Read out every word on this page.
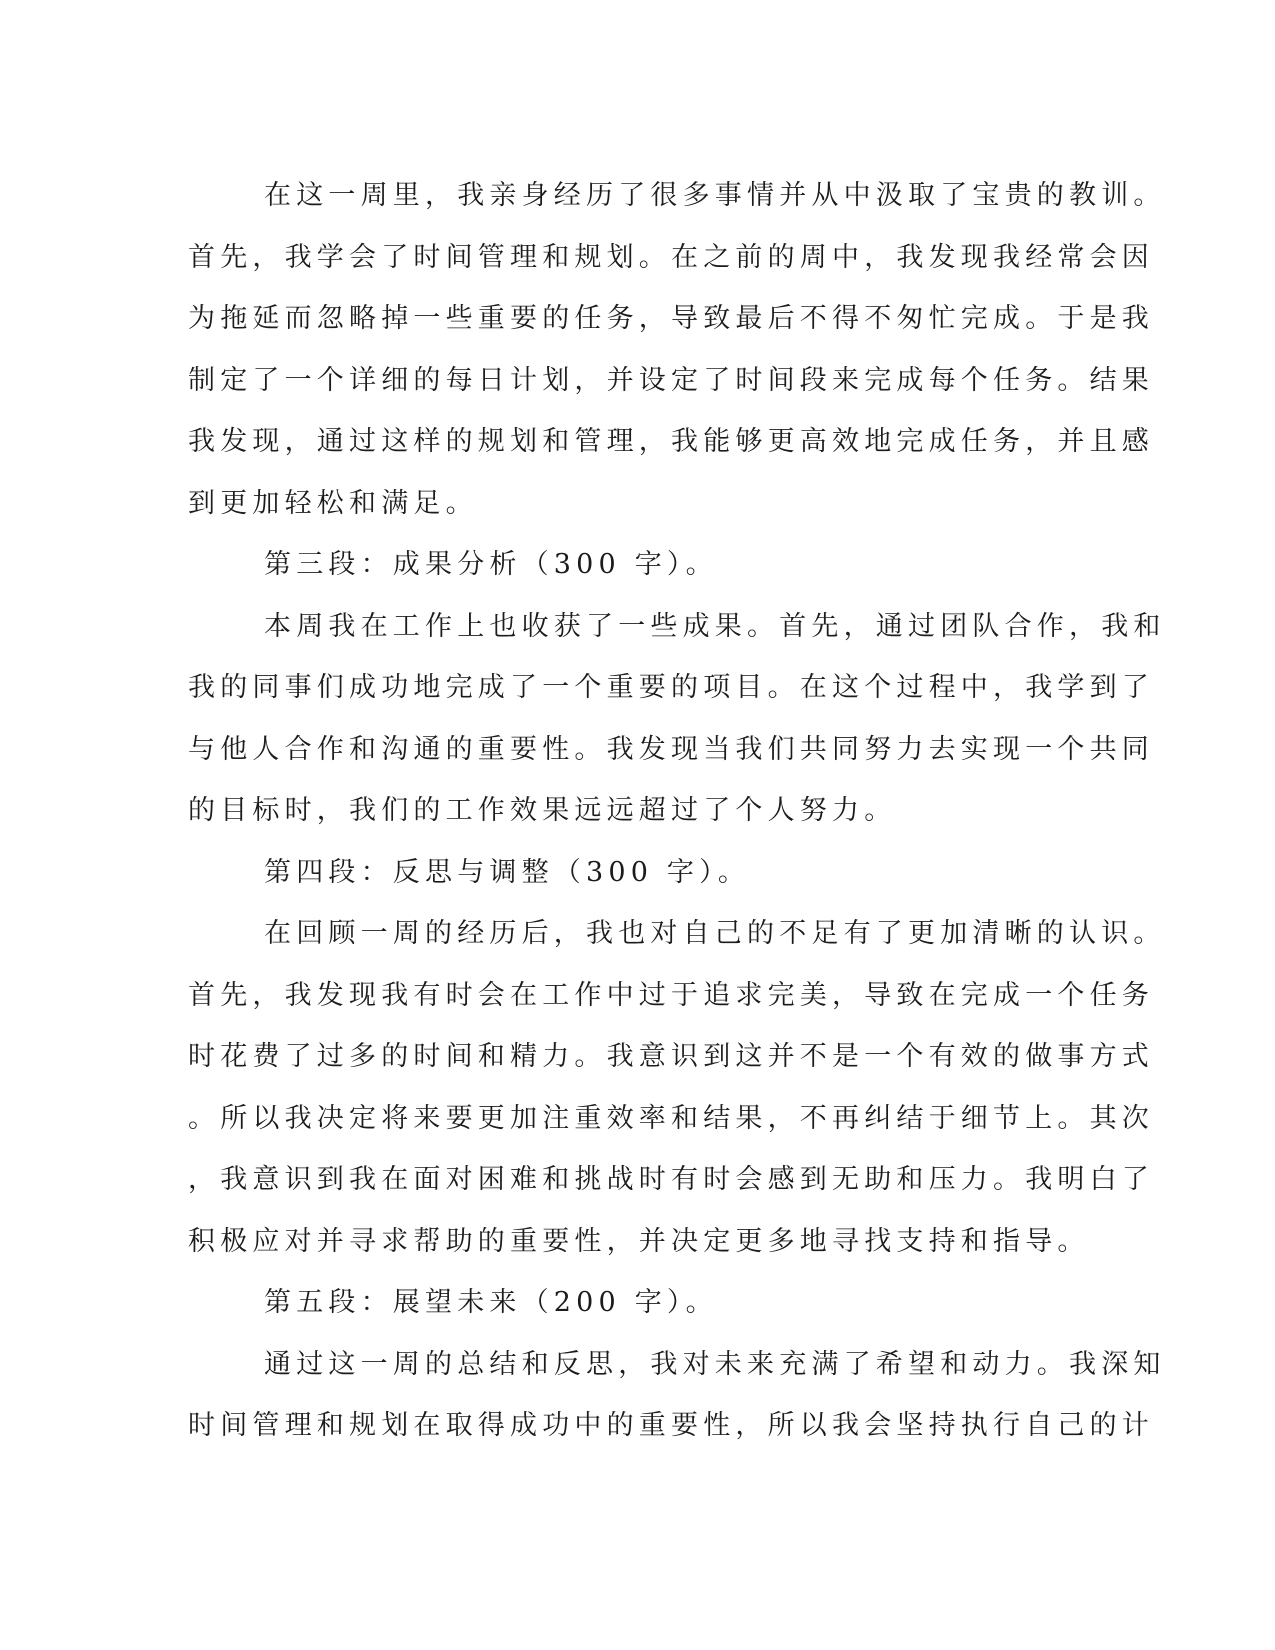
在这一周里，我亲身经历了很多事情并从中汲取了宝贵的教训。
首先，我学会了时间管理和规划。在之前的周中，我发现我经常会因
为拖延而忽略掉一些重要的任务，导致最后不得不匆忙完成。于是我
制定了一个详细的每日计划，并设定了时间段来完成每个任务。结果
我发现，通过这样的规划和管理，我能够更高效地完成任务，并且感
到更加轻松和满足。
第三段：成果分析（300 字）。
本周我在工作上也收获了一些成果。首先，通过团队合作，我和
我的同事们成功地完成了一个重要的项目。在这个过程中，我学到了
与他人合作和沟通的重要性。我发现当我们共同努力去实现一个共同
的目标时，我们的工作效果远远超过了个人努力。
第四段：反思与调整（300 字）。
在回顾一周的经历后，我也对自己的不足有了更加清晰的认识。
首先，我发现我有时会在工作中过于追求完美，导致在完成一个任务
时花费了过多的时间和精力。我意识到这并不是一个有效的做事方式
。所以我决定将来要更加注重效率和结果，不再纠结于细节上。其次
，我意识到我在面对困难和挑战时有时会感到无助和压力。我明白了
积极应对并寻求帮助的重要性，并决定更多地寻找支持和指导。
第五段：展望未来（200 字）。
通过这一周的总结和反思，我对未来充满了希望和动力。我深知
时间管理和规划在取得成功中的重要性，所以我会坚持执行自己的计
